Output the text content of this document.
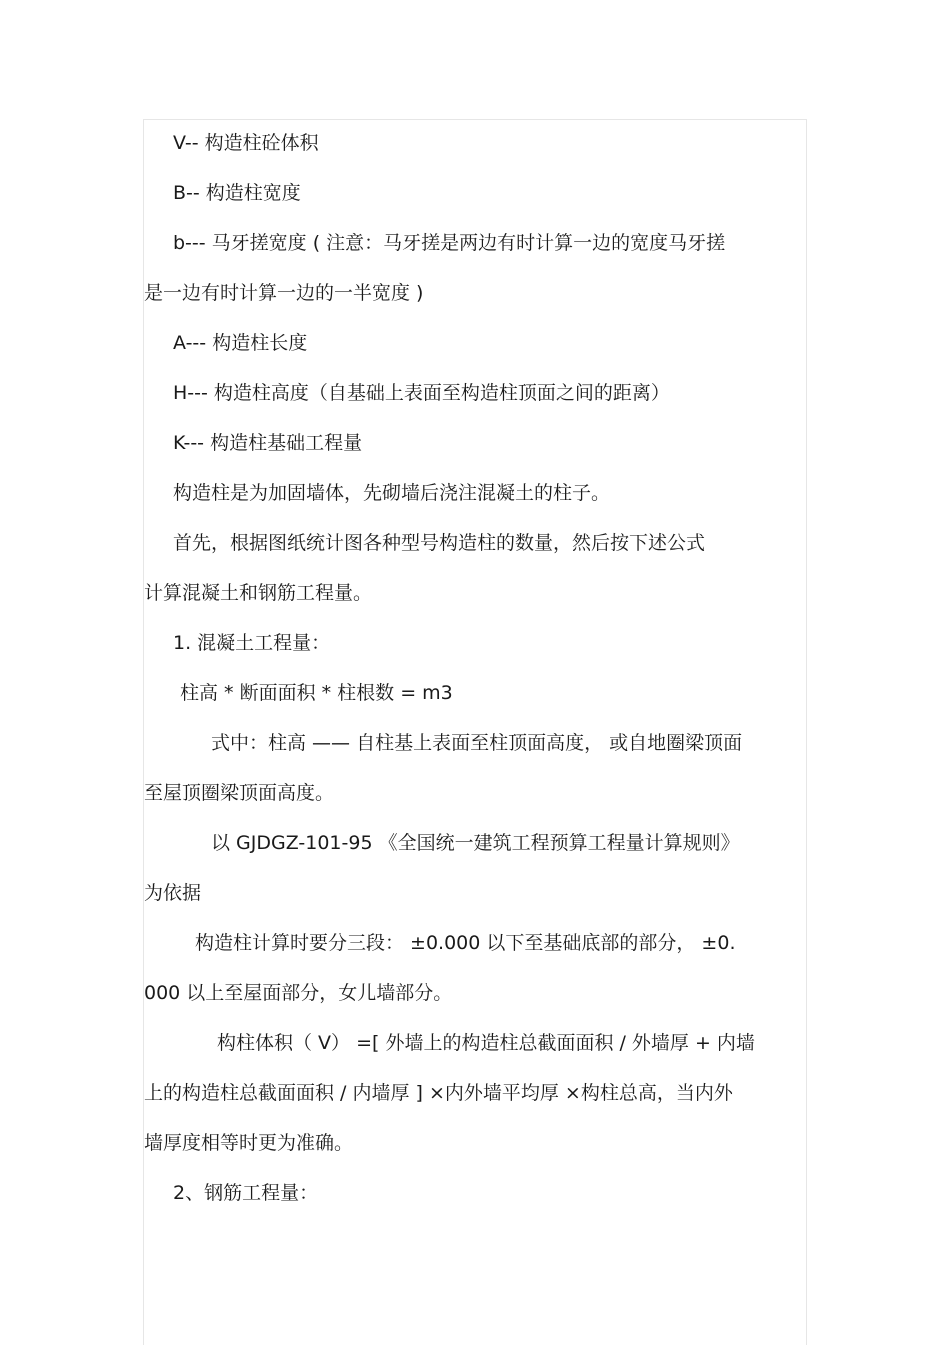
V-- 构造柱砼体积
B-- 构造柱宽度
b--- 马牙搓宽度 ( 注意：马牙搓是两边有时计算一边的宽度马牙搓
是一边有时计算一边的一半宽度 )
A--- 构造柱长度
H--- 构造柱高度（自基础上表面至构造柱顶面之间的距离）
K--- 构造柱基础工程量
构造柱是为加固墙体，先砌墙后浇注混凝土的柱子。
首先，根据图纸统计图各种型号构造柱的数量，然后按下述公式
计算混凝土和钢筋工程量。
1. 混凝土工程量：
柱高 * 断面面积 * 柱根数 = m3
式中：柱高 —— 自柱基上表面至柱顶面高度， 或自地圈梁顶面
至屋顶圈梁顶面高度。
以 GJDGZ-101-95 《全国统一建筑工程预算工程量计算规则》
为依据
构造柱计算时要分三段： ±0.000 以下至基础底部的部分， ±0.
000 以上至屋面部分，女儿墙部分。
构柱体积（ V） =[ 外墙上的构造柱总截面面积 / 外墙厚 + 内墙
上的构造柱总截面面积 / 内墙厚 ] ×内外墙平均厚 ×构柱总高，当内外
墙厚度相等时更为准确。
2、钢筋工程量：
